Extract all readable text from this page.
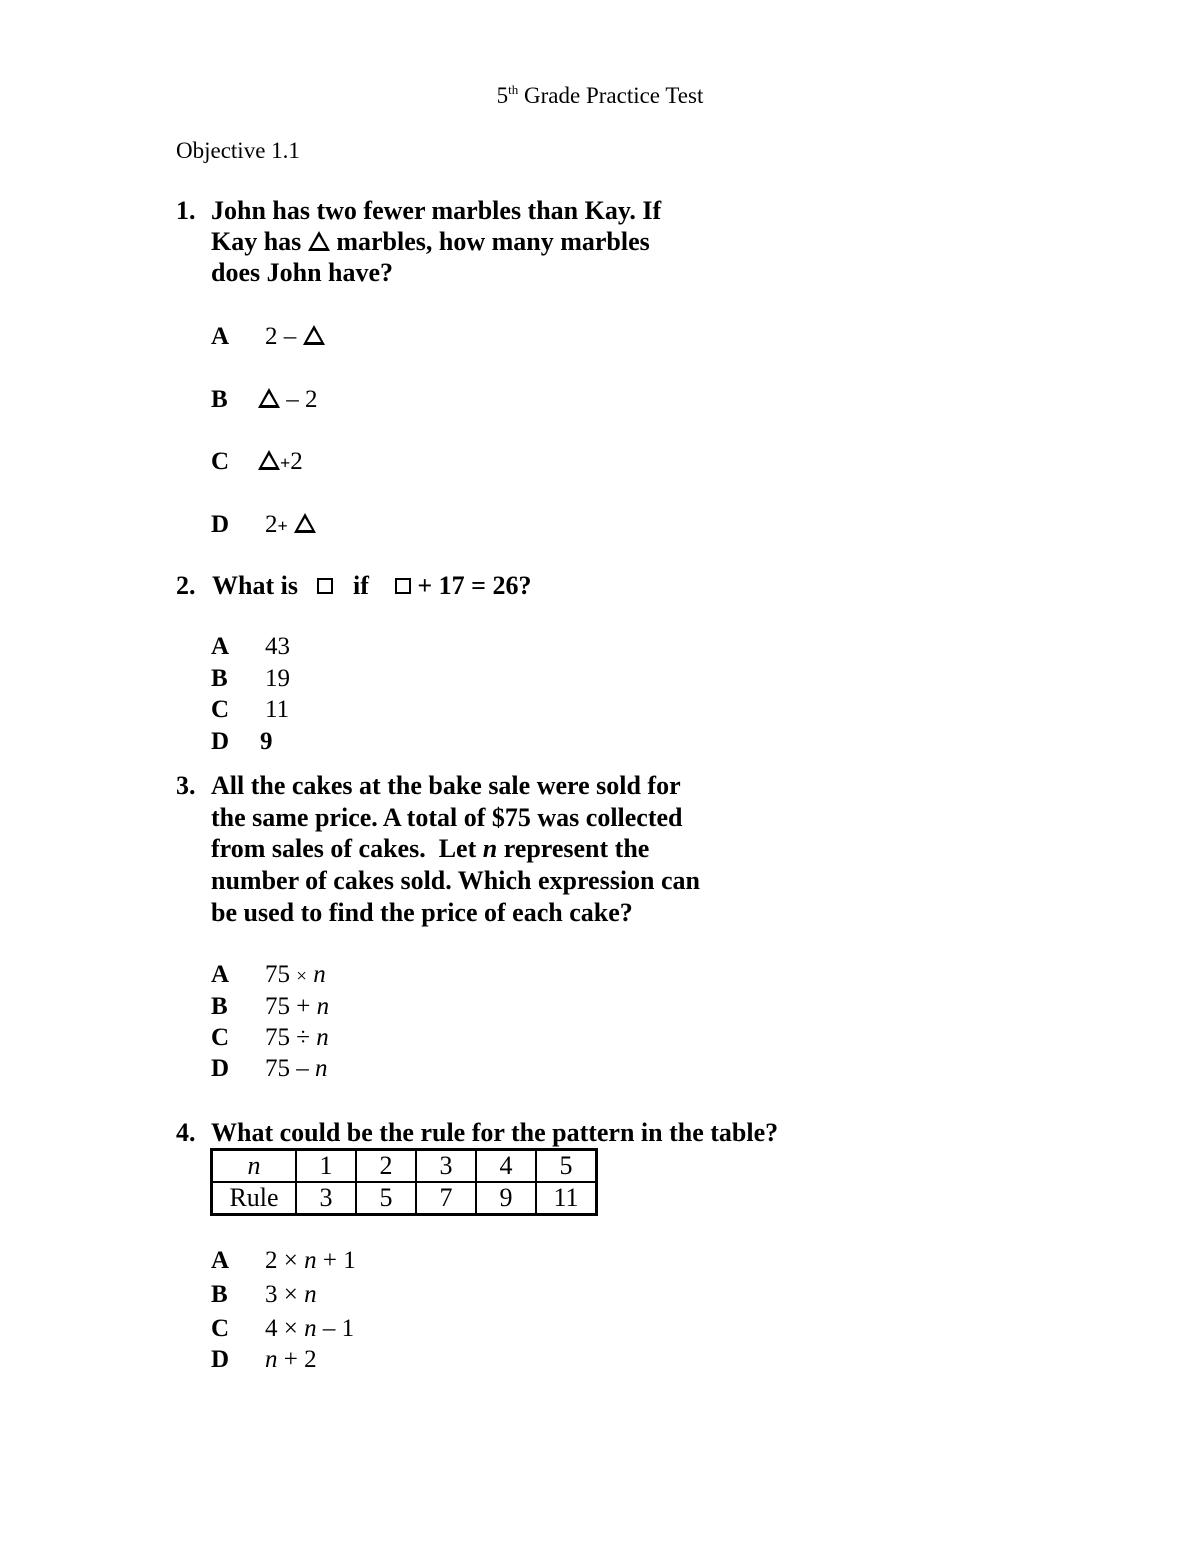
5th Grade Practice Test
Objective 1.1
1. John has two fewer marbles than Kay. If
Kay has marbles, how many marbles
does John have?
A 2 –
B	– 2
C	+2
D 2+
2. What is if + 17 = 26?
A 43
B 19
C 11
D 9
3. All the cakes at the bake sale were sold for
the same price. A total of $75 was collected
from sales of cakes.  Let n represent the
number of cakes sold. Which expression can
be used to find the price of each cake?
A 75 × n
B 75 + n
C 75 ÷ n
D 75 – n
4. What could be the rule for the pattern in the table?
n	1	2	3	4	5
Rule	3	5	7	9	11
A 2 × n + 1
B 3 × n
C 4 × n – 1
D n + 2
